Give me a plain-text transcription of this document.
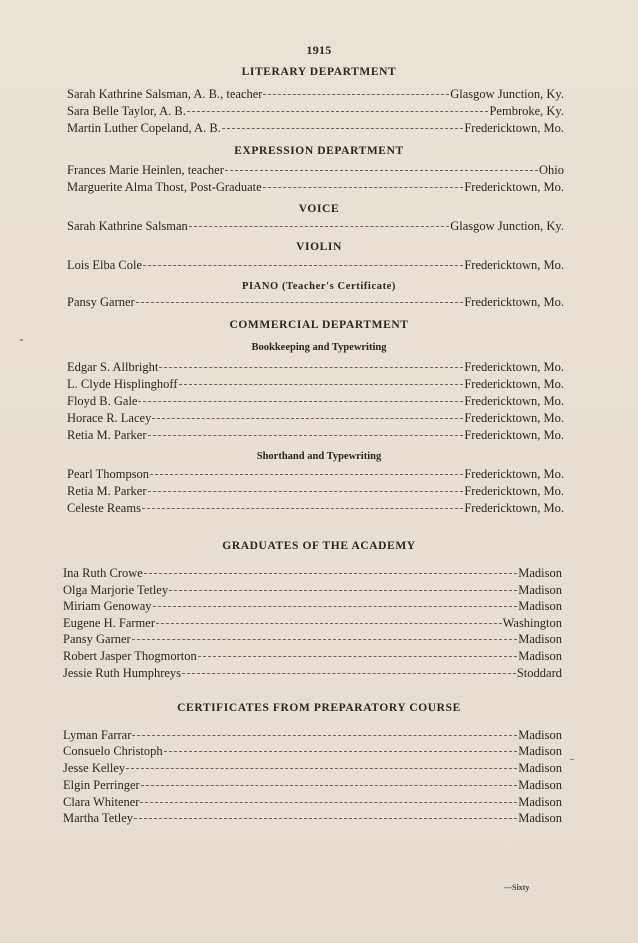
1915
LITERARY DEPARTMENT
Sarah Kathrine Salsman, A. B., teacher	Glasgow Junction, Ky.
Sara Belle Taylor, A. B.	Pembroke, Ky.
Martin Luther Copeland, A. B.	Fredericktown, Mo.
EXPRESSION DEPARTMENT
Frances Marie Heinlen, teacher	Ohio
Marguerite Alma Thost, Post-Graduate	Fredericktown, Mo.
VOICE
Sarah Kathrine Salsman	Glasgow Junction, Ky.
VIOLIN
Lois Elba Cole	Fredericktown, Mo.
PIANO (Teacher's Certificate)
Pansy Garner	Fredericktown, Mo.
COMMERCIAL DEPARTMENT
Bookkeeping and Typewriting
Edgar S. Allbright	Fredericktown, Mo.
L. Clyde Hisplinghoff	Fredericktown, Mo.
Floyd B. Gale	Fredericktown, Mo.
Horace R. Lacey	Fredericktown, Mo.
Retia M. Parker	Fredericktown, Mo.
Shorthand and Typewriting
Pearl Thompson	Fredericktown, Mo.
Retia M. Parker	Fredericktown, Mo.
Celeste Reams	Fredericktown, Mo.
GRADUATES OF THE ACADEMY
Ina Ruth Crowe	Madison
Olga Marjorie Tetley	Madison
Miriam Genoway	Madison
Eugene H. Farmer	Washington
Pansy Garner	Madison
Robert Jasper Thogmorton	Madison
Jessie Ruth Humphreys	Stoddard
CERTIFICATES FROM PREPARATORY COURSE
Lyman Farrar	Madison
Consuelo Christoph	Madison
Jesse Kelley	Madison
Elgin Perringer	Madison
Clara Whitener	Madison
Martha Tetley	Madison
—Sixty
